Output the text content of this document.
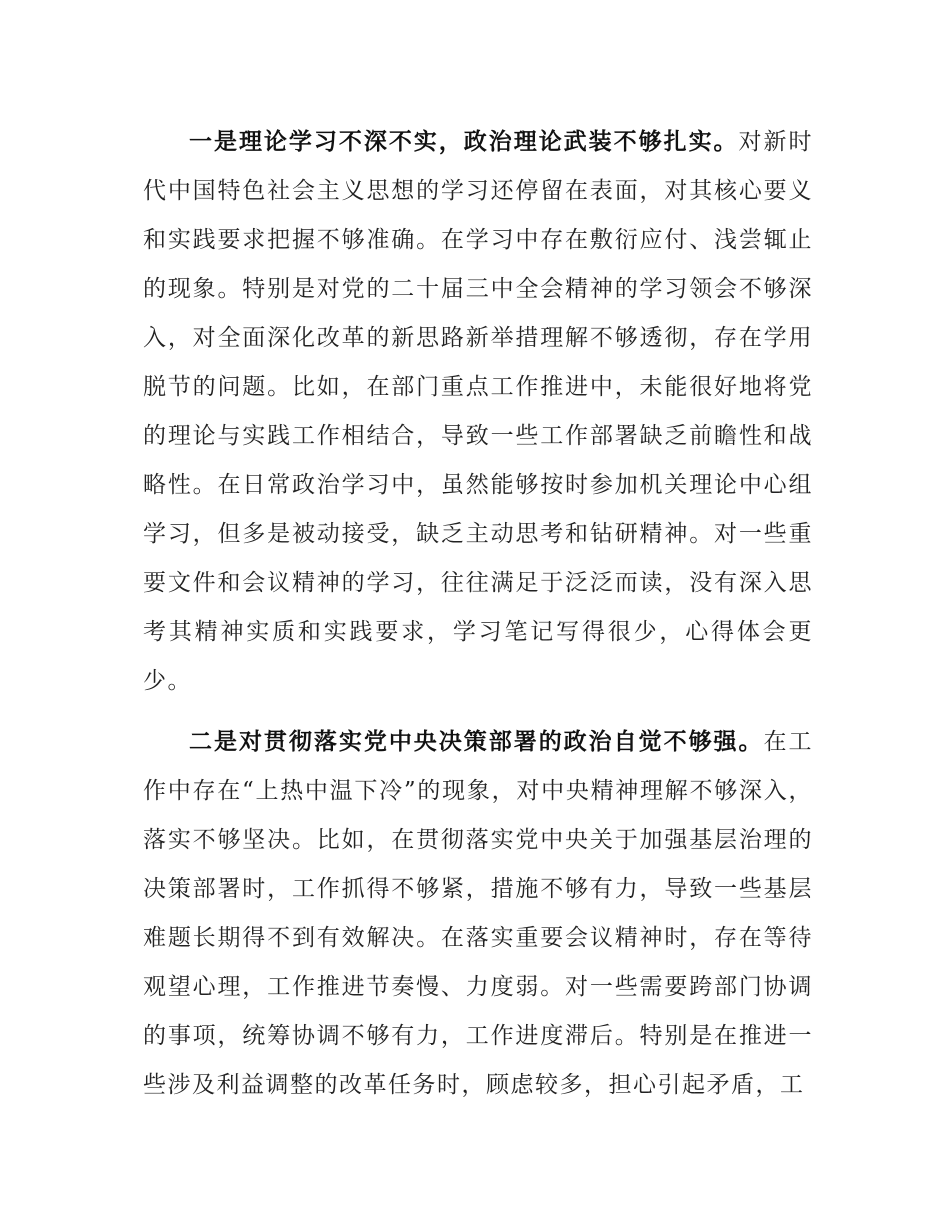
一是理论学习不深不实，政治理论武装不够扎实。对新时代中国特色社会主义思想的学习还停留在表面，对其核心要义和实践要求把握不够准确。在学习中存在敷衍应付、浅尝辄止的现象。特别是对党的二十届三中全会精神的学习领会不够深入，对全面深化改革的新思路新举措理解不够透彻，存在学用脱节的问题。比如，在部门重点工作推进中，未能很好地将党的理论与实践工作相结合，导致一些工作部署缺乏前瞻性和战略性。在日常政治学习中，虽然能够按时参加机关理论中心组学习，但多是被动接受，缺乏主动思考和钻研精神。对一些重要文件和会议精神的学习，往往满足于泛泛而读，没有深入思考其精神实质和实践要求，学习笔记写得很少，心得体会更少。

二是对贯彻落实党中央决策部署的政治自觉不够强。在工作中存在“上热中温下冷”的现象，对中央精神理解不够深入，落实不够坚决。比如，在贯彻落实党中央关于加强基层治理的决策部署时，工作抓得不够紧，措施不够有力，导致一些基层难题长期得不到有效解决。在落实重要会议精神时，存在等待观望心理，工作推进节奏慢、力度弱。对一些需要跨部门协调的事项，统筹协调不够有力，工作进度滞后。特别是在推进一些涉及利益调整的改革任务时，顾虑较多，担心引起矛盾，工
